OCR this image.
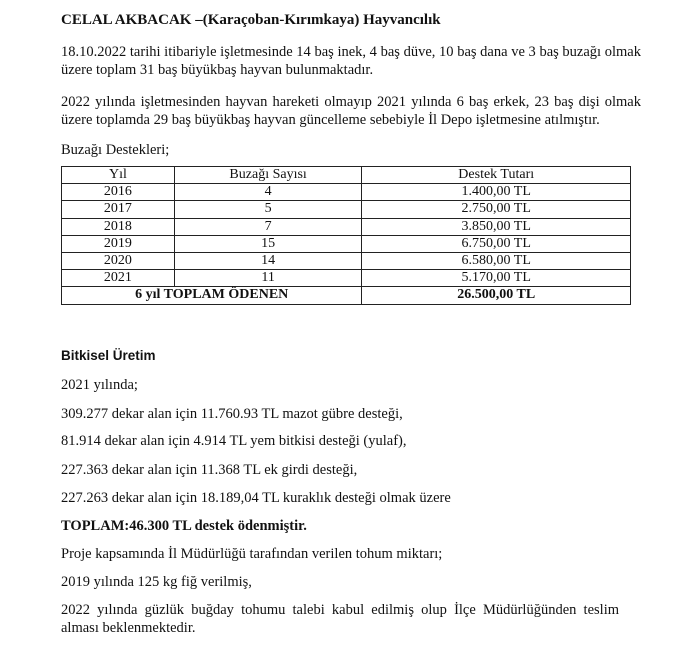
CELAL AKBACAK –(Karaçoban-Kırımkaya) Hayvancılık
18.10.2022 tarihi itibariyle işletmesinde 14 baş inek, 4 baş düve, 10 baş dana ve 3 baş buzağı olmak üzere toplam 31 baş büyükbaş hayvan bulunmaktadır.
2022 yılında işletmesinden hayvan hareketi olmayıp 2021 yılında 6 baş erkek, 23 baş dişi olmak üzere toplamda 29 baş büyükbaş hayvan güncelleme sebebiyle İl Depo işletmesine atılmıştır.
Buzağı Destekleri;
Yıl	Buzağı Sayısı	Destek Tutarı
2016	4	1.400,00 TL
2017	5	2.750,00 TL
2018	7	3.850,00 TL
2019	15	6.750,00 TL
2020	14	6.580,00 TL
2021	11	5.170,00 TL
6 yıl TOPLAM ÖDENEN		26.500,00 TL
Bitkisel Üretim
2021 yılında;
309.277 dekar alan için 11.760.93 TL mazot gübre desteği,
81.914 dekar alan için 4.914 TL yem bitkisi desteği (yulaf),
227.363 dekar alan için 11.368 TL ek girdi desteği,
227.263 dekar alan için 18.189,04 TL kuraklık desteği olmak üzere
TOPLAM:46.300 TL destek ödenmiştir.
Proje kapsamında İl Müdürlüğü tarafından verilen tohum miktarı;
2019 yılında 125 kg fiğ verilmiş,
2022 yılında güzlük buğday tohumu talebi kabul edilmiş olup İlçe Müdürlüğünden teslim alması beklenmektedir.
